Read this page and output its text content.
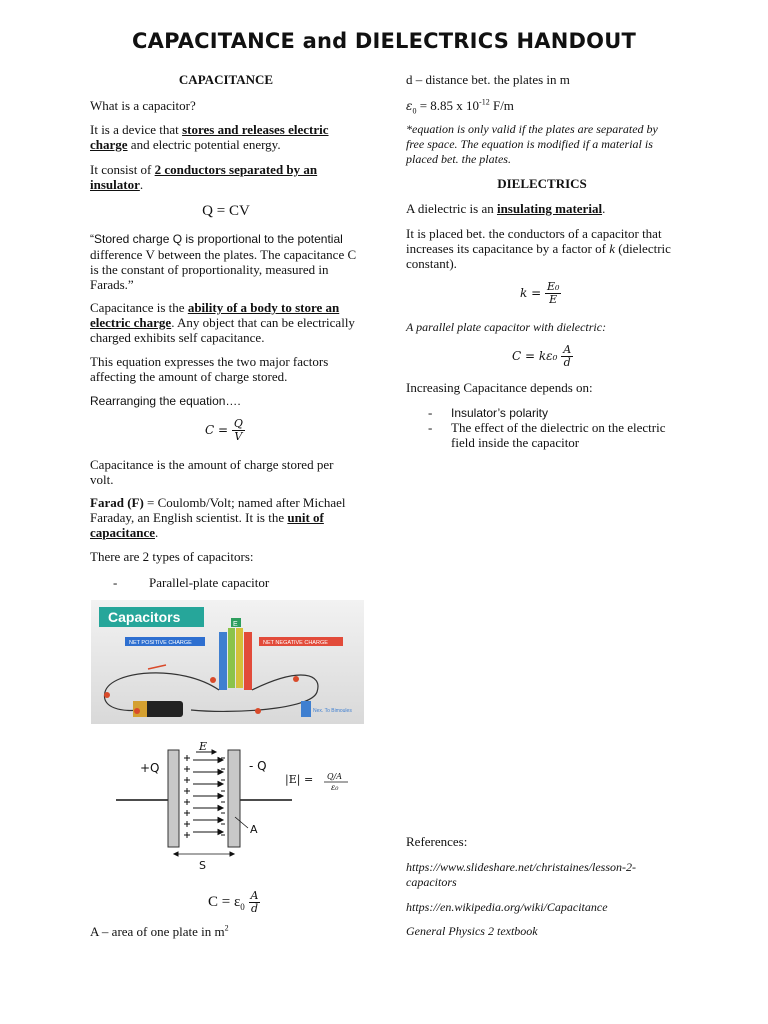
CAPACITANCE and DIELECTRICS HANDOUT
CAPACITANCE

What is a capacitor?

It is a device that stores and releases electric charge and electric potential energy.

It consist of 2 conductors separated by an insulator.

Q = CV

“Stored charge Q is proportional to the potential
difference V between the plates. The capacitance C is the constant of proportionality, measured in Farads.”

Capacitance is the ability of a body to store an electric charge. Any object that can be electrically charged exhibits self capacitance.

This equation expresses the two major factors affecting the amount of charge stored.

Rearranging the equation….

$C = \frac{Q}{V}$

Capacitance is the amount of charge stored per volt.

Farad (F) = Coulomb/Volt; named after Michael Faraday, an English scientist. It is the unit of capacitance.

There are 2 types of capacitors:

- Parallel-plate capacitor

Capacitors	E
NET POSITIVE CHARGE	NET NEGATIVE CHARGE
Nex. To Bimoules
+Q	- Q
E
A
S
|E| = Q/A
ε₀
$C = \varepsilon_0 \frac{A}{d}$

A – area of one plate in $m^2$

d – distance bet. the plates in m

$\varepsilon_0 = 8.85$ x $10^{-12}$ F/m

*equation is only valid if the plates are separated by free space. The equation is modified if a material is placed bet. the plates.

DIELECTRICS

A dielectric is an insulating material.

It is placed bet. the conductors of a capacitor that increases its capacitance by a factor of k (dielectric constant).

$k = \frac{\text{E₀}}{E}$

A parallel plate capacitor with dielectric:

$C = k\varepsilon_0 \frac{A}{d}$

Increasing Capacitance depends on:

- Insulator’s polarity

- The effect of the dielectric on the electric field inside the capacitor

References:

https://www.slideshare.net/christaines/lesson-2-capacitors

https://en.wikipedia.org/wiki/Capacitance

General Physics 2 textbook
